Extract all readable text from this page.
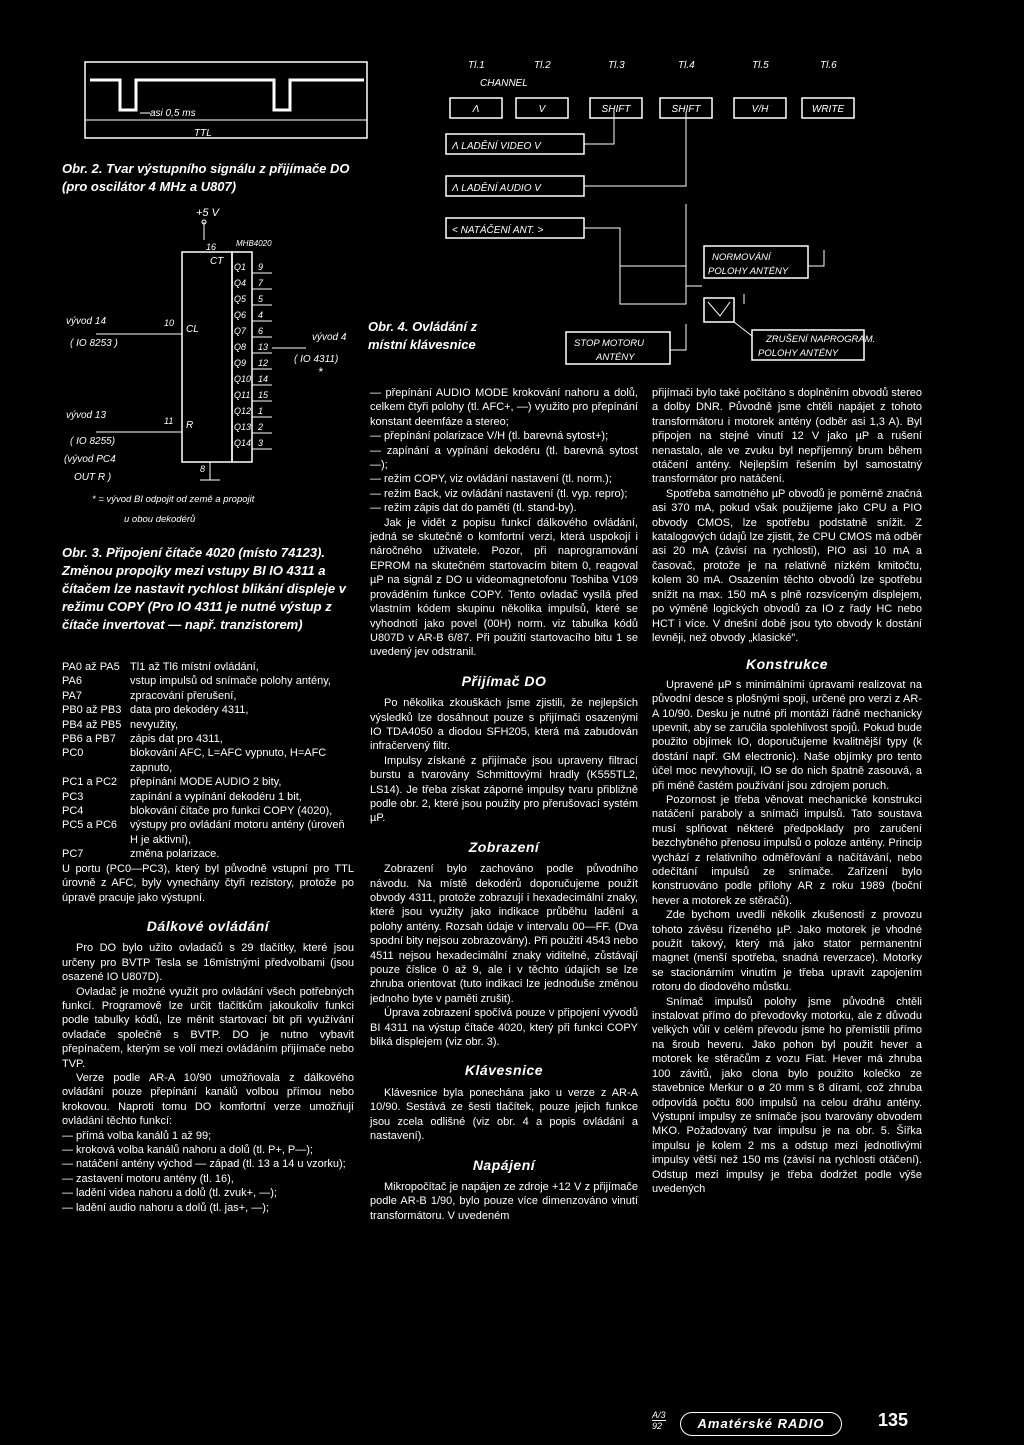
asi 0,5 ms
TTL
Obr. 2. Tvar výstupního signálu z přijímače DO (pro oscilátor 4 MHz a U807)
+5 V
MHB4020
16
CT
CL
10
R
11
8
Q1 9
Q4 7
Q5 5
Q6 4
Q7 6
Q8 13
Q9 12
Q10 14
Q11 15
Q12 1
Q13 2
Q14 3
vývod 14
( IO 8253 )
vývod 13
( IO 8255)
(vývod PC4
OUT R )
vývod 4
( IO 4311)
*
* = vývod BI odpojit od země a propojit
u obou dekodérů
Obr. 3. Připojení čítače 4020 (místo 74123). Změnou propojky mezi vstupy BI IO 4311 a čítačem lze nastavit rychlost blikání displeje v režimu COPY (Pro IO 4311 je nutné výstup z čítače invertovat — např. tranzistorem)
Tl.1	Tl.2	Tl.3	Tl.4	Tl.5	Tl.6
Λ	V	SHIFT	SHIFT	V/H	WRITE
CHANNEL
Λ LADĚNÍ VIDEO V
Λ LADĚNÍ AUDIO V
< NATÁČENÍ ANT. >
NORMOVÁNÍ
POLOHY ANTÉNY
ZRUŠENÍ NAPROGRAM.
POLOHY ANTÉNY
STOP MOTORU
ANTÉNY
Obr. 4. Ovládání z místní klávesnice
PA0 až PA5 Tl1 až Tl6 místní ovládání,
PA6	vstup impulsů od snímače polohy antény,
PA7	zpracování přerušení,
PB0 až PB3 data pro dekodéry 4311,
PB4 až PB5 nevyužity,
PB6 a PB7	zápis dat pro 4311,
PC0	blokování AFC, L=AFC vypnuto, H=AFC zapnuto,
PC1 a PC2	přepínání MODE AUDIO 2 bity,
PC3	zapínání a vypínání dekodéru 1 bit,
PC4	blokování čítače pro funkci COPY (4020),
PC5 a PC6	výstupy pro ovládání motoru antény (úroveň H je aktivní),
PC7	změna polarizace.

U portu (PC0—PC3), který byl původně vstupní pro TTL úrovně z AFC, byly vynechány čtyři rezistory, protože po úpravě pracuje jako výstupní.

Dálkové ovládání

Pro DO bylo užito ovladačů s 29 tlačítky, které jsou určeny pro BVTP Tesla se 16místnými předvolbami (jsou osazené IO U807D).

Ovladač je možné využít pro ovládání všech potřebných funkcí. Programově lze určit tlačítkům jakoukoliv funkci podle tabulky kódů, lze měnit startovací bit při využívání ovladače společně s BVTP. DO je nutno vybavit přepínačem, kterým se volí mezi ovládáním přijímače nebo TVP.

Verze podle AR-A 10/90 umožňovala z dálkového ovládání pouze přepínání kanálů volbou přímou nebo krokovou. Naproti tomu DO komfortní verze umožňují ovládání těchto funkcí:

— přímá volba kanálů 1 až 99;

— kroková volba kanálů nahoru a dolů (tl. P+, P—);

— natáčení antény východ — západ (tl. 13 a 14 u vzorku);

— zastavení motoru antény (tl. 16),

— ladění videa nahoru a dolů (tl. zvuk+, —);

— ladění audio nahoru a dolů (tl. jas+, —);

— přepínání AUDIO MODE krokování nahoru a dolů, celkem čtyři polohy (tl. AFC+, —) využito pro přepínání konstant deemfáze a stereo;

— přepínání polarizace V/H (tl. barevná sytost+);

— zapínání a vypínání dekodéru (tl. barevná sytost —);

— režim COPY, viz ovládání nastavení (tl. norm.);

— režim Back, viz ovládání nastavení (tl. vyp. repro);

— režim zápis dat do paměti (tl. stand-by).

Jak je vidět z popisu funkcí dálkového ovládání, jedná se skutečně o komfortní verzi, která uspokojí i náročného uživatele. Pozor, při naprogramování EPROM na skutečném startovacím bitem 0, reagoval µP na signál z DO u videomagnetofonu Toshiba V109 prováděním funkce COPY. Tento ovladač vysílá před vlastním kódem skupinu několika impulsů, které se vyhodnotí jako povel (00H) norm. viz tabulka kódů U807D v AR-B 6/87. Při použití startovacího bitu 1 se uvedený jev odstranil.

Přijímač DO

Po několika zkouškách jsme zjistili, že nejlepších výsledků lze dosáhnout pouze s přijímači osazenými IO TDA4050 a diodou SFH205, která má zabudován infračervený filtr.

Impulsy získané z přijímače jsou upraveny filtrací burstu a tvarovány Schmittovými hradly (K555TL2, LS14). Je třeba získat záporné impulsy tvaru přibližně podle obr. 2, které jsou použity pro přerušovací systém µP.

Zobrazení

Zobrazení bylo zachováno podle původního návodu. Na místě dekodérů doporučujeme použít obvody 4311, protože zobrazují i hexadecimální znaky, které jsou využity jako indikace průběhu ladění a polohy antény. Rozsah údaje v intervalu 00—FF. (Dva spodní bity nejsou zobrazovány). Při použití 4543 nebo 4511 nejsou hexadecimální znaky viditelné, zůstávají pouze číslice 0 až 9, ale i v těchto údajích se lze zhruba orientovat (tuto indikaci lze jednoduše změnou jednoho byte v paměti zrušit).

Úprava zobrazení spočívá pouze v připojení vývodů BI 4311 na výstup čítače 4020, který při funkci COPY bliká displejem (viz obr. 3).

Klávesnice

Klávesnice byla ponechána jako u verze z AR-A 10/90. Sestává ze šesti tlačítek, pouze jejich funkce jsou zcela odlišné (viz obr. 4 a popis ovládání a nastavení).

Napájení

Mikropočítač je napájen ze zdroje +12 V z přijímače podle AR-B 1/90, bylo pouze více dimenzováno vinutí transformátoru. V uvedeném

přijímači bylo také počítáno s doplněním obvodů stereo a dolby DNR. Původně jsme chtěli napájet z tohoto transformátoru i motorek antény (odběr asi 1,3 A). Byl připojen na stejné vinutí 12 V jako µP a rušení nenastalo, ale ve zvuku byl nepříjemný brum během otáčení antény. Nejlepším řešením byl samostatný transformátor pro natáčení.

Spotřeba samotného µP obvodů je poměrně značná asi 370 mA, pokud však použijeme jako CPU a PIO obvody CMOS, lze spotřebu podstatně snížit. Z katalogových údajů lze zjistit, že CPU CMOS má odběr asi 20 mA (závisí na rychlosti), PIO asi 10 mA a časovač, protože je na relativně nízkém kmitočtu, kolem 30 mA. Osazením těchto obvodů lze spotřebu snížit na max. 150 mA s plně rozsvíceným displejem, po výměně logických obvodů za IO z řady HC nebo HCT i více. V dnešní době jsou tyto obvody k dostání levněji, než obvody „klasické".

Konstrukce

Upravené µP s minimálními úpravami realizovat na původní desce s plošnými spoji, určené pro verzi z AR-A 10/90. Desku je nutné při montáži řádně mechanicky upevnit, aby se zaručila spolehlivost spojů. Pokud bude použito objímek IO, doporučujeme kvalitnější typy (k dostání např. GM electronic). Naše objímky pro tento účel moc nevyhovují, IO se do nich špatně zasouvá, a při méně častém používání jsou zdrojem poruch.

Pozornost je třeba věnovat mechanické konstrukci natáčení paraboly a snímači impulsů. Tato soustava musí splňovat některé předpoklady pro zaručení bezchybného přenosu impulsů o poloze antény. Princip vychází z relativního odměřování a načítávání, nebo odečítání impulsů ze snímače. Zařízení bylo konstruováno podle přílohy AR z roku 1989 (boční hever a motorek ze stěračů).

Zde bychom uvedli několik zkušeností z provozu tohoto závěsu řízeného µP. Jako motorek je vhodné použít takový, který má jako stator permanentní magnet (menší spotřeba, snadná reverzace). Motorky se stacionárním vinutím je třeba upravit zapojením rotoru do diodového můstku.

Snímač impulsů polohy jsme původně chtěli instalovat přímo do převodovky motorku, ale z důvodu velkých vůlí v celém převodu jsme ho přemístili přímo na šroub heveru. Jako pohon byl použit hever a motorek ke stěračům z vozu Fiat. Hever má zhruba 100 závitů, jako clona bylo použito kolečko ze stavebnice Merkur o ø 20 mm s 8 dírami, což zhruba odpovídá počtu 800 impulsů na celou dráhu antény. Výstupní impulsy ze snímače jsou tvarovány obvodem MKO. Požadovaný tvar impulsu je na obr. 5. Šířka impulsu je kolem 2 ms a odstup mezi jednotlivými impulsy větší než 150 ms (závisí na rychlosti otáčení). Odstup mezi impulsy je třeba dodržet podle výše uvedených

A/3
92	Amatérské RADIO	135
